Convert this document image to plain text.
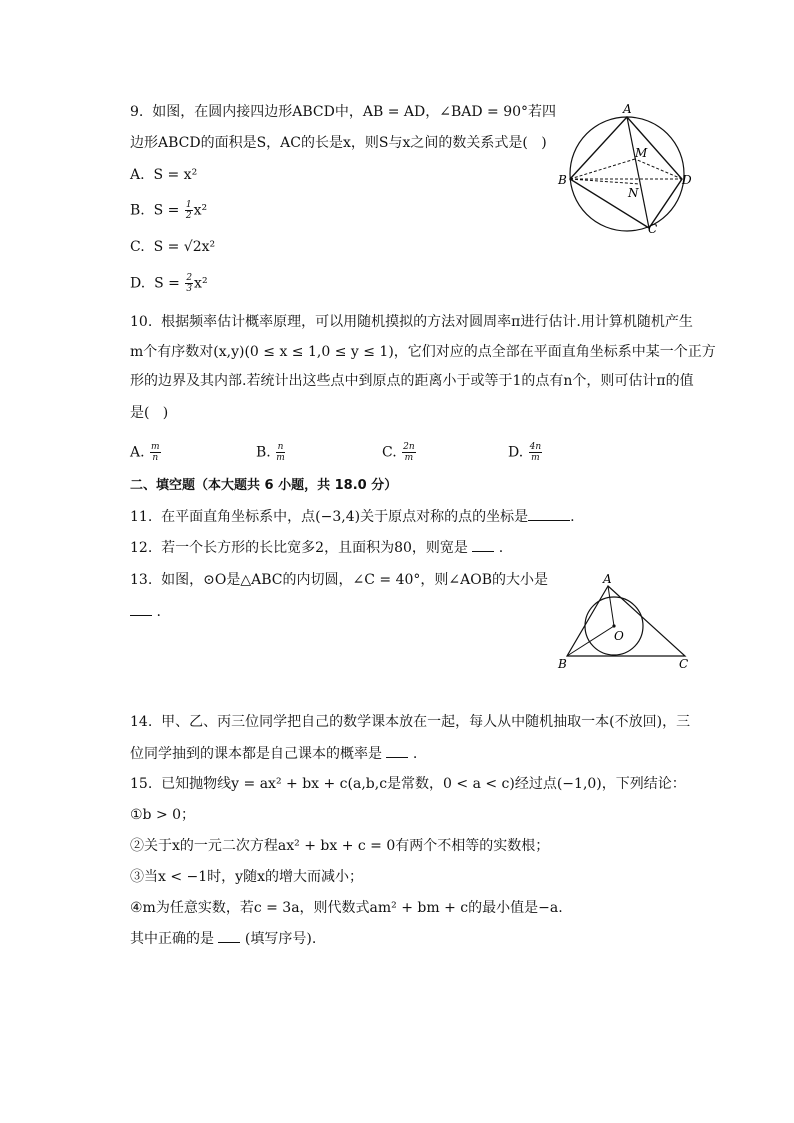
9.  如图，在圆内接四边形ABCD中，AB = AD，∠BAD = 90°若四
边形ABCD的面积是S，AC的长是x，则S与x之间的数关系式是(   )
A.  S = x²
B.  $S = \frac{1}{2} x^2$
C.  S = √2x²
D.  $S = \frac{2}{3} x^2$
A
B
C
D
M
N
10.  根据频率估计概率原理，可以用随机摸拟的方法对圆周率π进行估计.用计算机随机产生
m个有序数对(x,y)(0 ≤ x ≤ 1,0 ≤ y ≤ 1)，它们对应的点全部在平面直角坐标系中某一个正方
形的边界及其内部.若统计出这些点中到原点的距离小于或等于1的点有n个，则可估计π的值
是(   )
A. $\frac{m}{n}$	B. $\frac{n}{m}$	C. $\frac{2n}{m}$	D. $\frac{4n}{m}$
二、填空题（本大题共 6 小题，共 18.0 分）
11.  在平面直角坐标系中，点(−3,4)关于原点对称的点的坐标是	.
12.  若一个长方形的长比宽多2，且面积为80，则宽是 .
13.  如图，⊙O是△ABC的内切圆，∠C = 40°，则∠AOB的大小是
.
A
B	C
O
14.  甲、乙、丙三位同学把自己的数学课本放在一起，每人从中随机抽取一本(不放回)，三
位同学抽到的课本都是自己课本的概率是 .
15.  已知抛物线y = ax² + bx + c(a,b,c是常数，0 < a < c)经过点(−1,0)，下列结论：
①b > 0；
②关于x的一元二次方程ax² + bx + c = 0有两个不相等的实数根；
③当x < −1时，y随x的增大而减小；
④m为任意实数，若c = 3a，则代数式am² + bm + c的最小值是−a.
其中正确的是 (填写序号).
